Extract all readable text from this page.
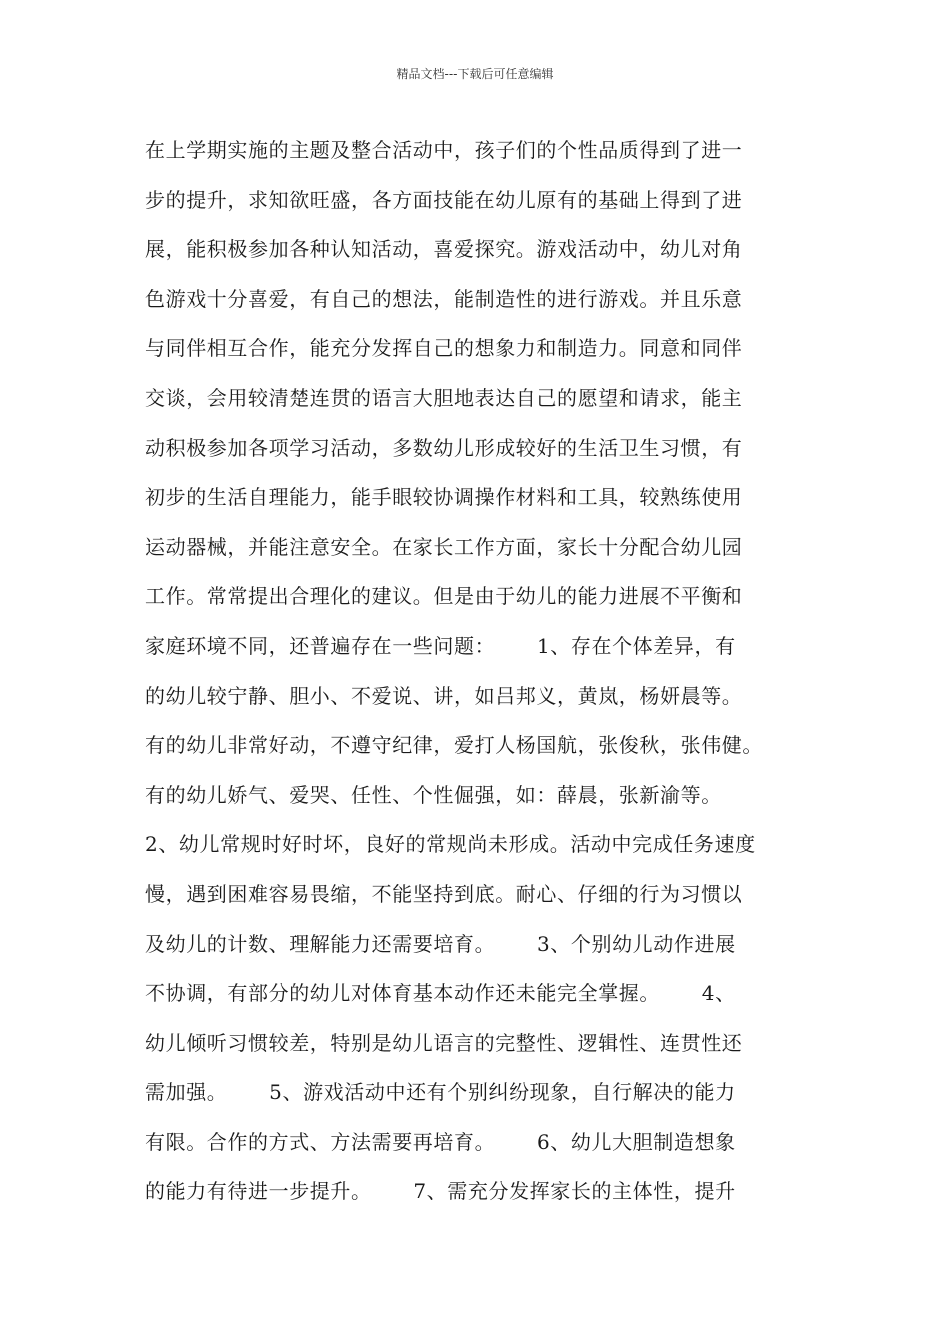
精品文档---下载后可任意编辑
在上学期实施的主题及整合活动中，孩子们的个性品质得到了进一
步的提升，求知欲旺盛，各方面技能在幼儿原有的基础上得到了进
展，能积极参加各种认知活动，喜爱探究。游戏活动中，幼儿对角
色游戏十分喜爱，有自己的想法，能制造性的进行游戏。并且乐意
与同伴相互合作，能充分发挥自己的想象力和制造力。同意和同伴
交谈，会用较清楚连贯的语言大胆地表达自己的愿望和请求，能主
动积极参加各项学习活动，多数幼儿形成较好的生活卫生习惯，有
初步的生活自理能力，能手眼较协调操作材料和工具，较熟练使用
运动器械，并能注意安全。在家长工作方面，家长十分配合幼儿园
工作。常常提出合理化的建议。但是由于幼儿的能力进展不平衡和
家庭环境不同，还普遍存在一些问题：      1、存在个体差异，有
的幼儿较宁静、胆小、不爱说、讲，如吕邦义，黄岚，杨妍晨等。
有的幼儿非常好动，不遵守纪律，爱打人杨国航，张俊秋，张伟健。
有的幼儿娇气、爱哭、任性、个性倔强，如：薛晨，张新渝等。
2、幼儿常规时好时坏，良好的常规尚未形成。活动中完成任务速度
慢，遇到困难容易畏缩，不能坚持到底。耐心、仔细的行为习惯以
及幼儿的计数、理解能力还需要培育。      3、个别幼儿动作进展
不协调，有部分的幼儿对体育基本动作还未能完全掌握。      4、
幼儿倾听习惯较差，特别是幼儿语言的完整性、逻辑性、连贯性还
需加强。      5、游戏活动中还有个别纠纷现象，自行解决的能力
有限。合作的方式、方法需要再培育。      6、幼儿大胆制造想象
的能力有待进一步提升。      7、需充分发挥家长的主体性，提升
